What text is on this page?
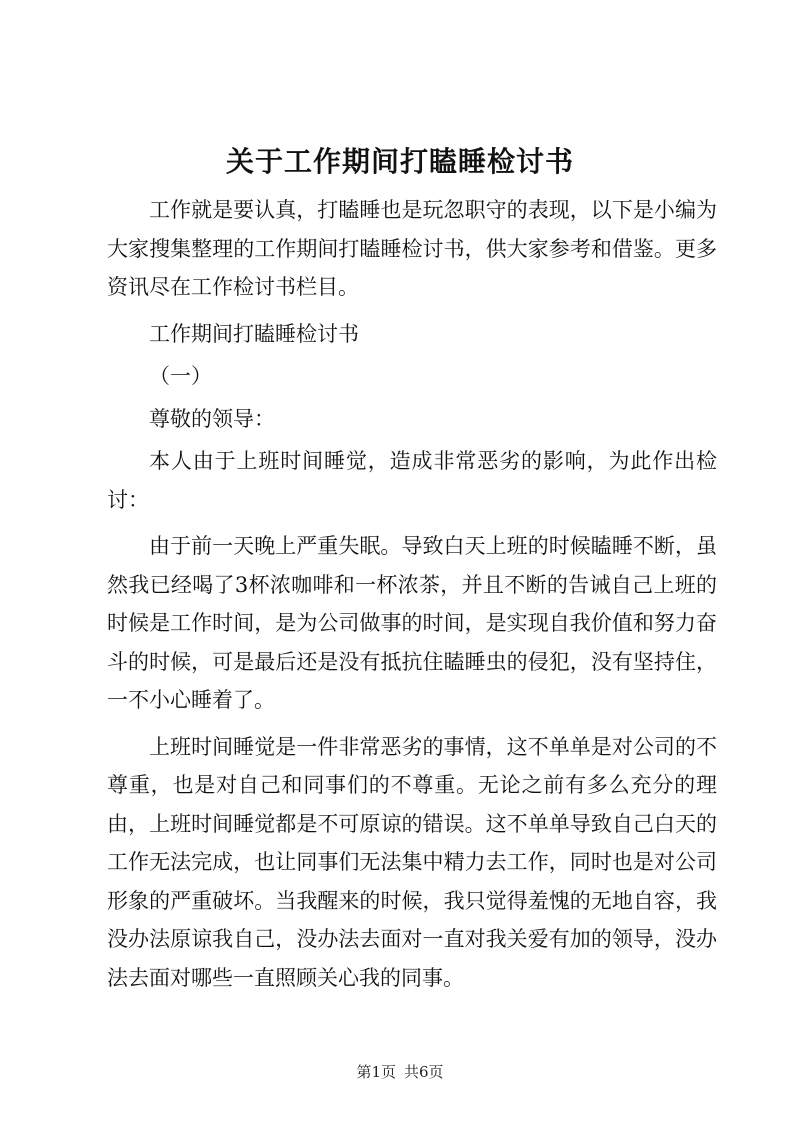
关于工作期间打瞌睡检讨书

工作就是要认真，打瞌睡也是玩忽职守的表现，以下是小编为大家搜集整理的工作期间打瞌睡检讨书，供大家参考和借鉴。更多资讯尽在工作检讨书栏目。

工作期间打瞌睡检讨书

（一）

尊敬的领导：

本人由于上班时间睡觉，造成非常恶劣的影响，为此作出检讨：

由于前一天晚上严重失眠。导致白天上班的时候瞌睡不断，虽然我已经喝了3杯浓咖啡和一杯浓茶，并且不断的告诫自己上班的时候是工作时间，是为公司做事的时间，是实现自我价值和努力奋斗的时候，可是最后还是没有抵抗住瞌睡虫的侵犯，没有坚持住，一不小心睡着了。

上班时间睡觉是一件非常恶劣的事情，这不单单是对公司的不尊重，也是对自己和同事们的不尊重。无论之前有多么充分的理由，上班时间睡觉都是不可原谅的错误。这不单单导致自己白天的工作无法完成，也让同事们无法集中精力去工作，同时也是对公司形象的严重破坏。当我醒来的时候，我只觉得羞愧的无地自容，我没办法原谅我自己，没办法去面对一直对我关爱有加的领导，没办法去面对哪些一直照顾关心我的同事。

第1页 共6页
